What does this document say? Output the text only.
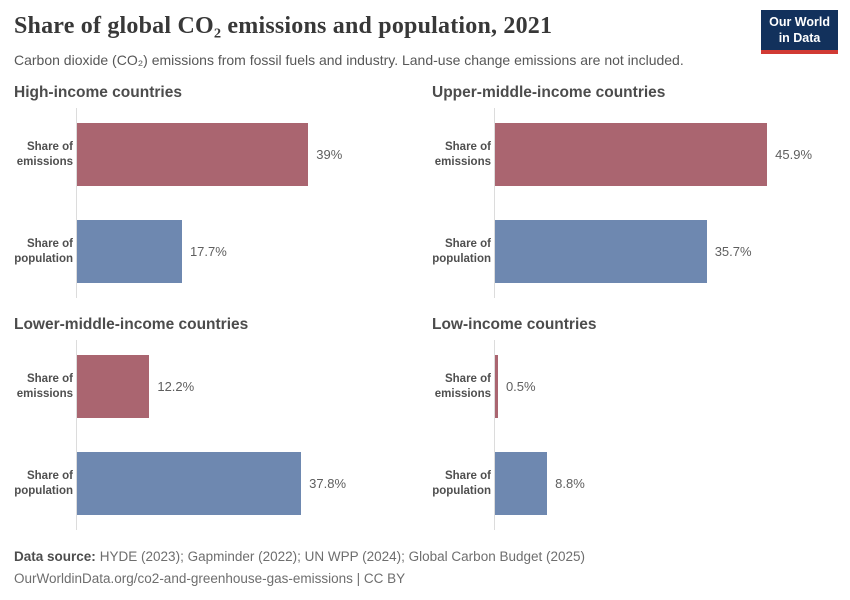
Share of global CO₂ emissions and population, 2021
Carbon dioxide (CO₂) emissions from fossil fuels and industry. Land-use change emissions are not included.
Our World
in Data
High-income countries
Share of emissions	39%
Share of population	17.7%
Upper-middle-income countries
Share of emissions	45.9%
Share of population	35.7%
Lower-middle-income countries
Share of emissions	12.2%
Share of population	37.8%
Low-income countries
Share of emissions 0.5%
Share of population	8.8%
Data source: HYDE (2023); Gapminder (2022); UN WPP (2024); Global Carbon Budget (2025)
OurWorldinData.org/co2-and-greenhouse-gas-emissions | CC BY
